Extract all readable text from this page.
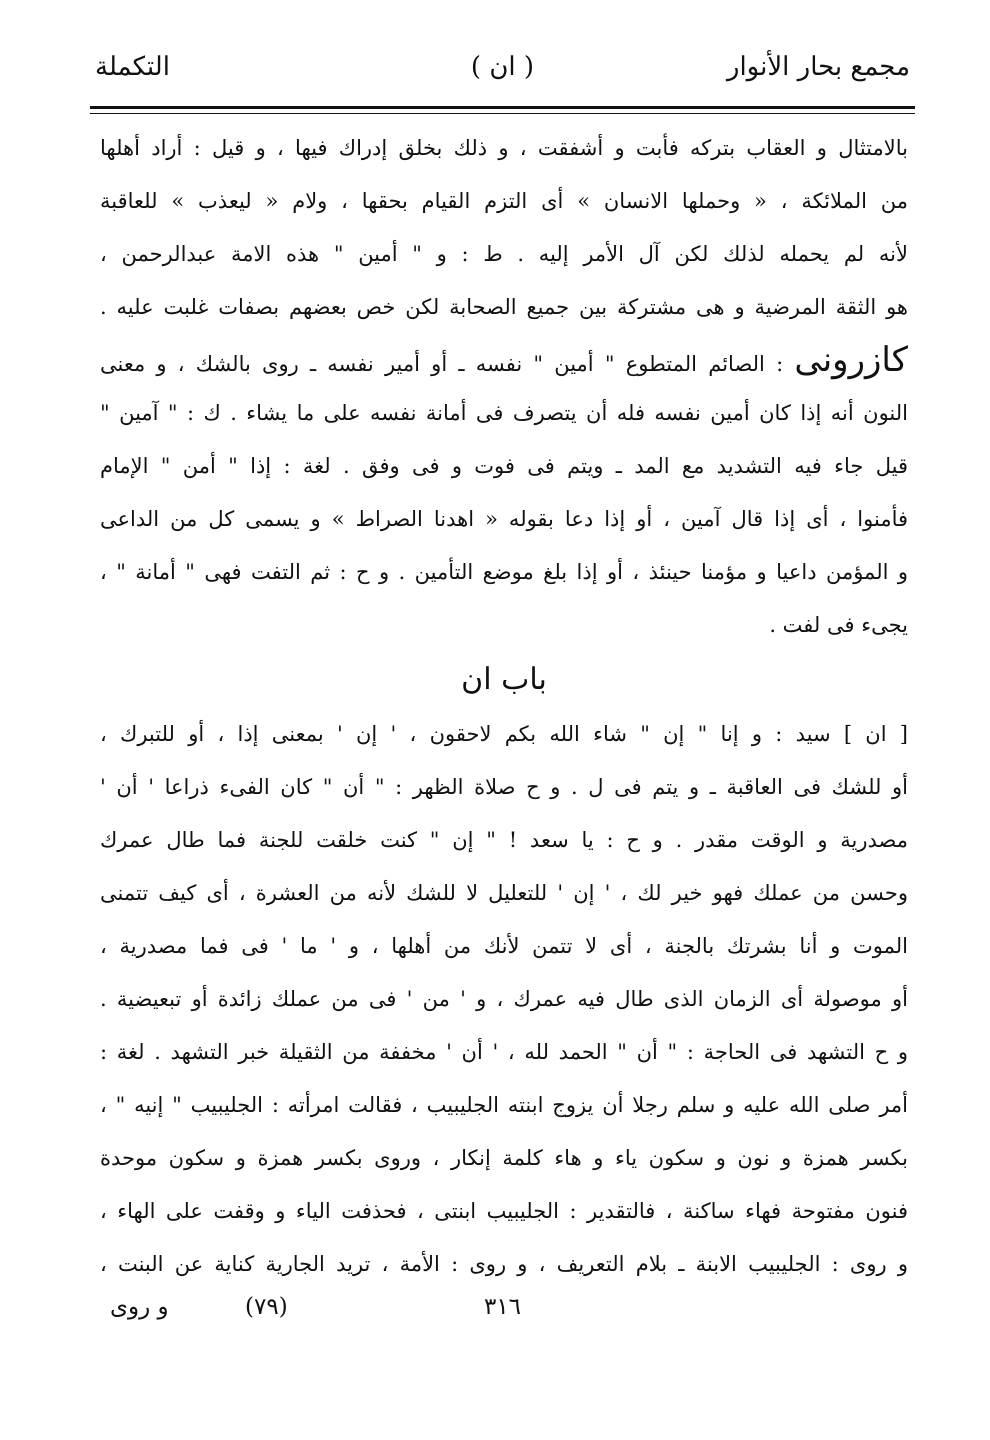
مجمع بحار الأنوار
( ان )
التكملة
بالامتثال و العقاب بتركه فأبت و أشفقت ، و ذلك بخلق إدراك فيها ، و قيل : أراد أهلها
من الملائكة ، « وحملها الانسان » أى التزم القيام بحقها ، ولام « ليعذب » للعاقبة
لأنه لم يحمله لذلك لكن آل الأمر إليه . ط : و " أمين " هذه الامة عبدالرحمن ،
هو الثقة المرضية و هى مشتركة بين جميع الصحابة لكن خص بعضهم بصفات غلبت عليه .
كازرونى : الصائم المتطوع " أمين " نفسه ـ أو أمير نفسه ـ روى بالشك ، و معنى
النون أنه إذا كان أمين نفسه فله أن يتصرف فى أمانة نفسه على ما يشاء . ك : " آمين "
قيل جاء فيه التشديد مع المد ـ ويتم فى فوت و فى وفق . لغة : إذا " أمن " الإمام
فأمنوا ، أى إذا قال آمين ، أو إذا دعا بقوله « اهدنا الصراط » و يسمى كل من الداعى
و المؤمن داعيا و مؤمنا حينئذ ، أو إذا بلغ موضع التأمين . و ح : ثم التفت فهى " أمانة " ،
يجىء فى لفت .
باب ان
[ ان ] سيد : و إنا " إن " شاء الله بكم لاحقون ، ' إن ' بمعنى إذا ، أو للتبرك ،
أو للشك فى العاقبة ـ و يتم فى ل . و ح صلاة الظهر : " أن " كان الفىء ذراعا ' أن '
مصدرية و الوقت مقدر . و ح : يا سعد ! " إن " كنت خلقت للجنة فما طال عمرك
وحسن من عملك فهو خير لك ، ' إن ' للتعليل لا للشك لأنه من العشرة ، أى كيف تتمنى
الموت و أنا بشرتك بالجنة ، أى لا تتمن لأنك من أهلها ، و ' ما ' فى فما مصدرية ،
أو موصولة أى الزمان الذى طال فيه عمرك ، و ' من ' فى من عملك زائدة أو تبعيضية .
و ح التشهد فى الحاجة : " أن " الحمد لله ، ' أن ' مخففة من الثقيلة خبر التشهد . لغة :
أمر صلى الله عليه و سلم رجلا أن يزوج ابنته الجليبيب ، فقالت امرأته : الجليبيب " إنيه " ،
بكسر همزة و نون و سكون ياء و هاء كلمة إنكار ، وروى بكسر همزة و سكون موحدة
فنون مفتوحة فهاء ساكنة ، فالتقدير : الجليبيب ابنتى ، فحذفت الياء و وقفت على الهاء ،
و روى : الجليبيب الابنة ـ بلام التعريف ، و روى : الأمة ، تريد الجارية كناية عن البنت ،
٣١٦
(٧٩)
و روى
